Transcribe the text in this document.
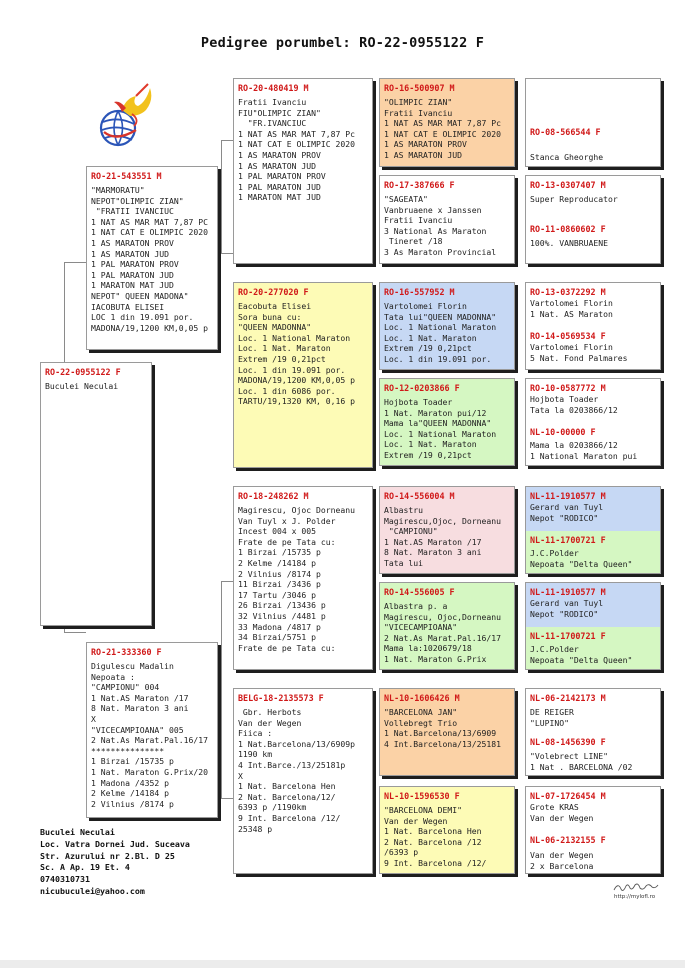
Pedigree porumbel: RO-22-0955122 F
RO-22-0955122 F
Buculei Neculai
RO-21-543551 M
"MARMORATU"
NEPOT"OLIMPIC ZIAN"
"FRATII IVANCIUC
1 NAT AS MAR MAT 7,87 PC
1 NAT CAT E OLIMPIC 2020
1 AS MARATON PROV
1 AS MARATON JUD
1 PAL MARATON PROV
1 PAL MARATON JUD
1 MARATON MAT JUD
NEPOT" QUEEN MADONA"
IACOBUTA ELISEI
LOC 1 din 19.091 por.
MADONA/19,1200 KM,0,05 p
RO-21-333360 F
Digulescu Madalin
Nepoata :
"CAMPIONU" 004
1 Nat.AS Maraton /17
8 Nat. Maraton 3 ani
X
"VICECAMPIOANA" 005
2 Nat.As Marat.Pal.16/17
***************
1 Birzai /15735 p
1 Nat. Maraton G.Prix/20
1 Madona /4352 p
2 Kelme /14184 p
2 Vilnius /8174 p
RO-20-480419 M
Fratii Ivanciu
FIU"OLIMPIC ZIAN"
"FR.IVANCIUC
1 NAT AS MAR MAT 7,87 Pc
1 NAT CAT E OLIMPIC 2020
1 AS MARATON PROV
1 AS MARATON JUD
1 PAL MARATON PROV
1 PAL MARATON JUD
1 MARATON MAT JUD
RO-20-277020 F
Eacobuta Elisei
Sora buna cu:
"QUEEN MADONNA"
Loc. 1 National Maraton
Loc. 1 Nat. Maraton
Extrem /19 0,21pct
Loc. 1 din 19.091 por.
MADONA/19,1200 KM,0,05 p
Loc. 1 din 6086 por.
TARTU/19,1320 KM, 0,16 p
RO-18-248262 M
Magirescu, Ojoc Dorneanu
Van Tuyl x J. Polder
Incest 004 x 005
Frate de pe Tata cu:
1 Birzai /15735 p
2 Kelme /14184 p
2 Vilnius /8174 p
11 Birzai /3436 p
17 Tartu /3046 p
26 Birzai /13436 p
32 Vilnius /4481 p
33 Madona /4817 p
34 Birzai/5751 p
Frate de pe Tata cu:
BELG-18-2135573 F
Gbr. Herbots
Van der Wegen
Fiica :
1 Nat.Barcelona/13/6909p
1190 km
4 Int.Barce./13/25181p
X
1 Nat. Barcelona Hen
2 Nat. Barcelona/12/
6393 p /1190km
9 Int. Barcelona /12/
25348 p
RO-16-500907 M
"OLIMPIC ZIAN"
Fratii Ivanciu
1 NAT AS MAR MAT 7,87 Pc
1 NAT CAT E OLIMPIC 2020
1 AS MARATON PROV
1 AS MARATON JUD
RO-17-387666 F
"SAGEATA"
Vanbruaene x Janssen
Fratii Ivanciu
3 National As Maraton
Tineret /18
3 As Maraton Provincial
RO-16-557952 M
Vartolomei Florin
Tata lui"QUEEN MADONNA"
Loc. 1 National Maraton
Loc. 1 Nat. Maraton
Extrem /19 0,21pct
Loc. 1 din 19.091 por.
RO-12-0203866 F
Hojbota Toader
1 Nat. Maraton pui/12
Mama la"QUEEN MADONNA"
Loc. 1 National Maraton
Loc. 1 Nat. Maraton
Extrem /19 0,21pct
RO-14-556004 M
Albastru
Magirescu,Ojoc, Dorneanu
"CAMPIONU"
1 Nat.AS Maraton /17
8 Nat. Maraton 3 ani
Tata lui
RO-14-556005 F
Albastra p. a
Magirescu, Ojoc,Dorneanu
"VICECAMPIOANA"
2 Nat.As Marat.Pal.16/17
Mama la:1020679/18
1 Nat. Maraton G.Prix
NL-10-1606426 M
"BARCELONA JAN"
Vollebregt Trio
1 Nat.Barcelona/13/6909
4 Int.Barcelona/13/25181
NL-10-1596530 F
"BARCELONA DEMI"
Van der Wegen
1 Nat. Barcelona Hen
2 Nat. Barcelona /12
/6393 p
9 Int. Barcelona /12/
RO-08-566544 F
Stanca Gheorghe
RO-13-0307407 M
Super Reproducator
RO-11-0860602 F
100%. VANBRUAENE
RO-13-0372292 M
Vartolomei Florin
1 Nat. AS Maraton
RO-14-0569534 F
Vartolomei Florin
5 Nat. Fond Palmares
RO-10-0587772 M
Hojbota Toader
Tata la 0203866/12
NL-10-00000 F
Mama la 0203866/12
1 National Maraton pui
NL-11-1910577 M
Gerard van Tuyl
Nepot "RODICO"
NL-11-1700721 F
J.C.Polder
Nepoata "Delta Queen"
NL-11-1910577 M
Gerard van Tuyl
Nepot "RODICO"
NL-11-1700721 F
J.C.Polder
Nepoata "Delta Queen"
NL-06-2142173 M
DE REIGER
"LUPINO"
NL-08-1456390 F
"Volebrect LINE"
1 Nat . BARCELONA /02
NL-07-1726454 M
Grote KRAS
Van der Wegen
NL-06-2132155 F
Van der Wegen
2 x Barcelona
Buculei Neculai
Loc. Vatra Dornei Jud. Suceava
Str. Azurului nr 2.Bl. D 25
Sc. A Ap. 19 Et. 4
0740310731
nicubuculei@yahoo.com
http://mylofl.ro
